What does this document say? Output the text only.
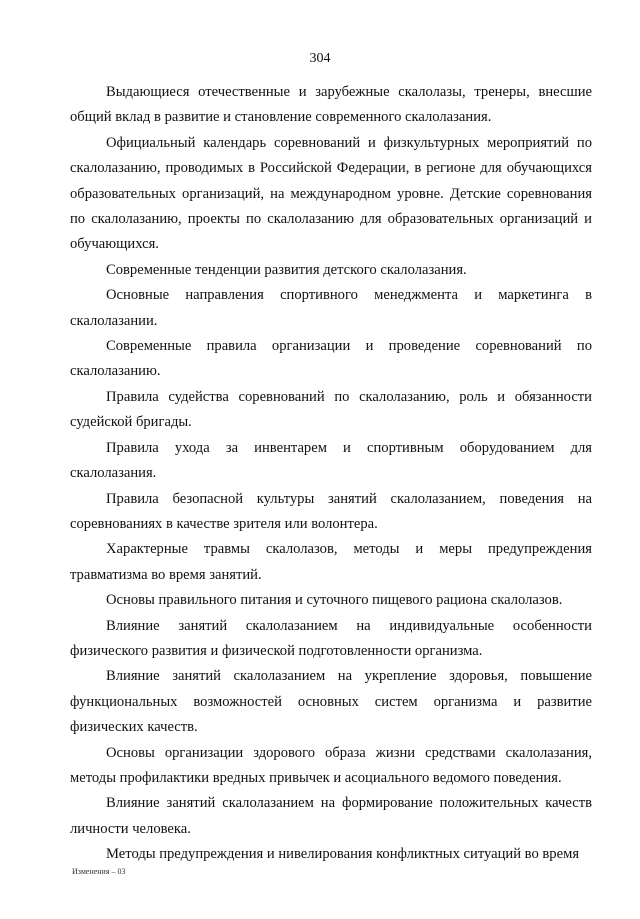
304

Выдающиеся отечественные и зарубежные скалолазы, тренеры, внесшие общий вклад в развитие и становление современного скалолазания.

Официальный календарь соревнований и физкультурных мероприятий по скалолазанию, проводимых в Российской Федерации, в регионе для обучающихся образовательных организаций, на международном уровне. Детские соревнования по скалолазанию, проекты по скалолазанию для образовательных организаций и обучающихся.

Современные тенденции развития детского скалолазания.

Основные направления спортивного менеджмента и маркетинга в скалолазании.

Современные правила организации и проведение соревнований по скалолазанию.

Правила судейства соревнований по скалолазанию, роль и обязанности судейской бригады.

Правила ухода за инвентарем и спортивным оборудованием для скалолазания.

Правила безопасной культуры занятий скалолазанием, поведения на соревнованиях в качестве зрителя или волонтера.

Характерные травмы скалолазов, методы и меры предупреждения травматизма во время занятий.

Основы правильного питания и суточного пищевого рациона скалолазов.

Влияние занятий скалолазанием на индивидуальные особенности физического развития и физической подготовленности организма.

Влияние занятий скалолазанием на укрепление здоровья, повышение функциональных возможностей основных систем организма и развитие физических качеств.

Основы организации здорового образа жизни средствами скалолазания, методы профилактики вредных привычек и асоциального ведомого поведения.

Влияние занятий скалолазанием на формирование положительных качеств личности человека.

Методы предупреждения и нивелирования конфликтных ситуаций во время

Изменения – 03
